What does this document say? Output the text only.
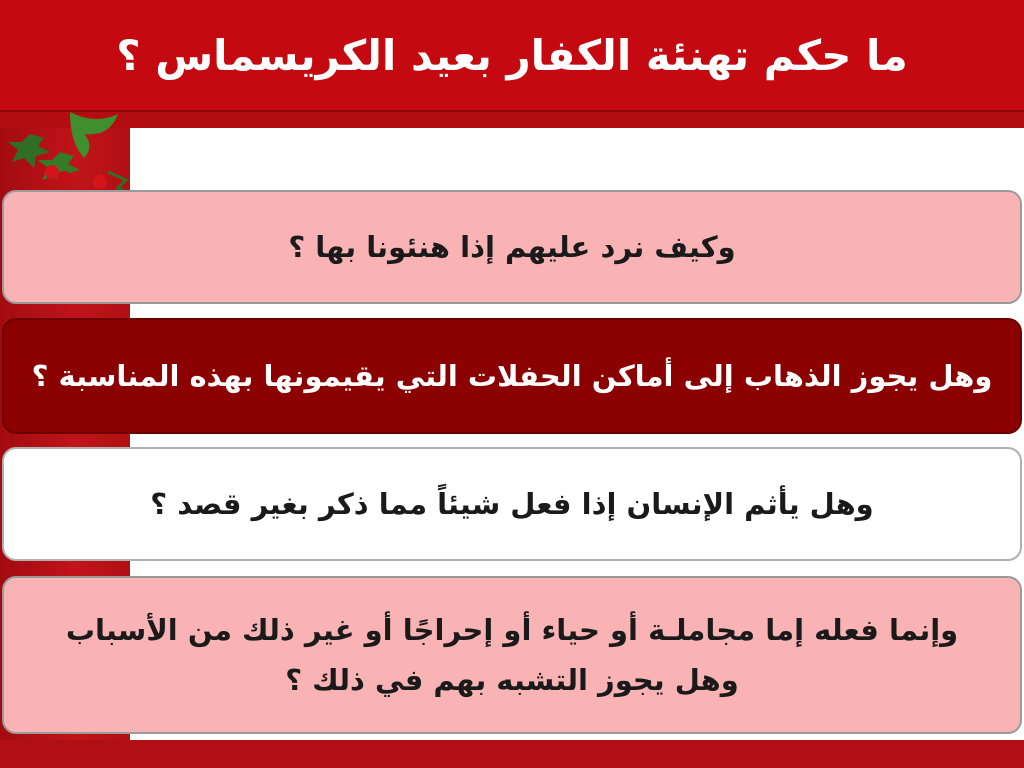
ما حكم تهنئة الكفار بعيد الكريسماس ؟
وكيف نرد عليهم إذا هنئونا بها ؟
وهل يجوز الذهاب إلى أماكن الحفلات التي يقيمونها بهذه المناسبة ؟
وهل يأثم الإنسان إذا فعل شيئاً مما ذكر بغير قصد ؟
وإنما فعله إما مجاملـة أو حياء أو إحراجًا أو غير ذلك من الأسباب
وهل يجوز التشبه بهم في ذلك ؟
